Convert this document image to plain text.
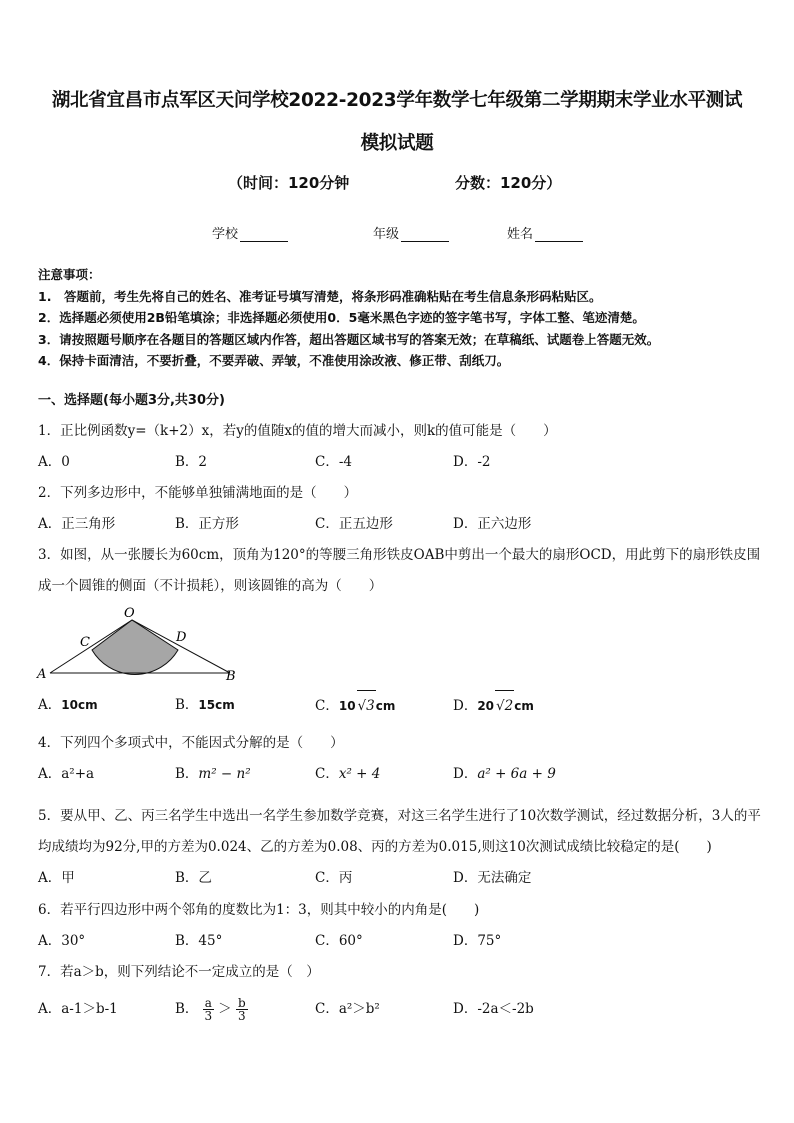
湖北省宜昌市点军区天问学校2022-2023学年数学七年级第二学期期末学业水平测试
模拟试题
（时间：120分钟	分数：120分）
学校	年级	姓名
注意事项：
1.　答题前，考生先将自己的姓名、准考证号填写清楚，将条形码准确粘贴在考生信息条形码粘贴区。
2．选择题必须使用2B铅笔填涂；非选择题必须使用0．5毫米黑色字迹的签字笔书写，字体工整、笔迹清楚。
3．请按照题号顺序在各题目的答题区域内作答，超出答题区域书写的答案无效；在草稿纸、试题卷上答题无效。
4．保持卡面清洁，不要折叠，不要弄破、弄皱，不准使用涂改液、修正带、刮纸刀。
一、选择题(每小题3分,共30分)
1．正比例函数y=（k+2）x，若y的值随x的值的增大而减小，则k的值可能是（　　）
A．0	B．2	C．-4	D．-2
2．下列多边形中，不能够单独铺满地面的是（　　）
A．正三角形	B．正方形	C．正五边形	D．正六边形
3．如图，从一张腰长为60cm，顶角为120°的等腰三角形铁皮OAB中剪出一个最大的扇形OCD，用此剪下的扇形铁皮围成一个圆锥的侧面（不计损耗），则该圆锥的高为（　　）
O
C	D
A	B
A．10cm	B．15cm	C．10 √3cm	D．20 √2cm
4．下列四个多项式中，不能因式分解的是（　　）
A．a²+a	B．m² − n²	C．x² + 4	D．a² + 6a + 9
5．要从甲、乙、丙三名学生中选出一名学生参加数学竞赛，对这三名学生进行了10次数学测试，经过数据分析，3人的平均成绩均为92分,甲的方差为0.024、乙的方差为0.08、丙的方差为0.015,则这10次测试成绩比较稳定的是(　　)
A．甲	B．乙	C．丙	D．无法确定
6．若平行四边形中两个邻角的度数比为1：3，则其中较小的内角是(　　)
A．30°	B．45°	C．60°	D．75°
7．若a＞b，则下列结论不一定成立的是（　）
A．a-1＞b-1	B． $\frac{a}{3} > \frac{b}{3}$	C．a²＞b²	D．-2a＜-2b
